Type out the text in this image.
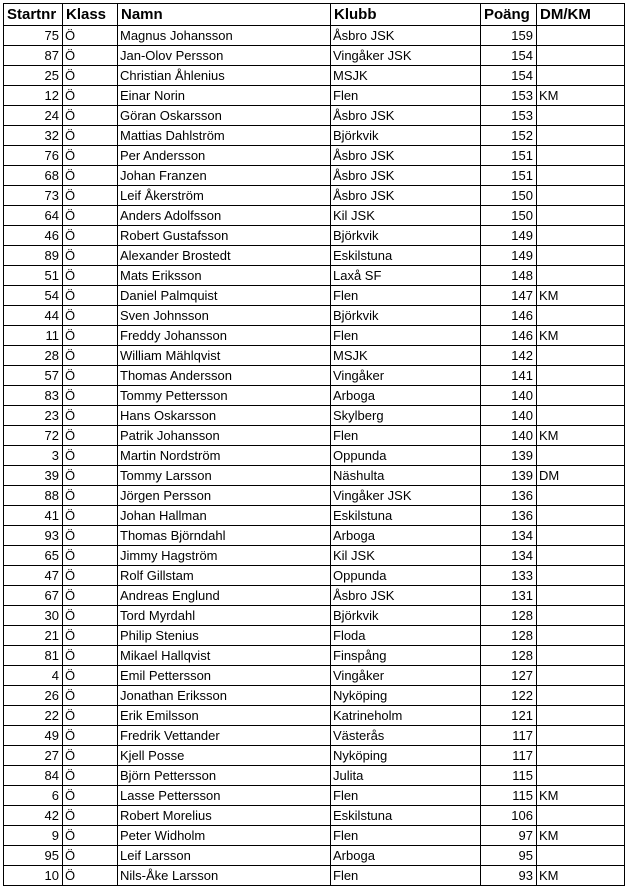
Startnr	Klass	Namn	Klubb	Poäng	DM/KM
75	Ö	Magnus Johansson	Åsbro JSK	159	
87	Ö	Jan-Olov Persson	Vingåker JSK	154	
25	Ö	Christian Åhlenius	MSJK	154	
12	Ö	Einar Norin	Flen	153	KM
24	Ö	Göran Oskarsson	Åsbro JSK	153	
32	Ö	Mattias Dahlström	Björkvik	152	
76	Ö	Per Andersson	Åsbro JSK	151	
68	Ö	Johan Franzen	Åsbro JSK	151	
73	Ö	Leif Åkerström	Åsbro JSK	150	
64	Ö	Anders Adolfsson	Kil JSK	150	
46	Ö	Robert Gustafsson	Björkvik	149	
89	Ö	Alexander Brostedt	Eskilstuna	149	
51	Ö	Mats Eriksson	Laxå SF	148	
54	Ö	Daniel Palmquist	Flen	147	KM
44	Ö	Sven Johnsson	Björkvik	146	
11	Ö	Freddy Johansson	Flen	146	KM
28	Ö	William Mählqvist	MSJK	142	
57	Ö	Thomas Andersson	Vingåker	141	
83	Ö	Tommy Pettersson	Arboga	140	
23	Ö	Hans Oskarsson	Skylberg	140	
72	Ö	Patrik Johansson	Flen	140	KM
3	Ö	Martin Nordström	Oppunda	139	
39	Ö	Tommy Larsson	Näshulta	139	DM
88	Ö	Jörgen Persson	Vingåker JSK	136	
41	Ö	Johan Hallman	Eskilstuna	136	
93	Ö	Thomas Björndahl	Arboga	134	
65	Ö	Jimmy Hagström	Kil JSK	134	
47	Ö	Rolf Gillstam	Oppunda	133	
67	Ö	Andreas Englund	Åsbro JSK	131	
30	Ö	Tord Myrdahl	Björkvik	128	
21	Ö	Philip Stenius	Floda	128	
81	Ö	Mikael Hallqvist	Finspång	128	
4	Ö	Emil Pettersson	Vingåker	127	
26	Ö	Jonathan Eriksson	Nyköping	122	
22	Ö	Erik Emilsson	Katrineholm	121	
49	Ö	Fredrik Vettander	Västerås	117	
27	Ö	Kjell Posse	Nyköping	117	
84	Ö	Björn Pettersson	Julita	115	
6	Ö	Lasse Pettersson	Flen	115	KM
42	Ö	Robert Morelius	Eskilstuna	106	
9	Ö	Peter Widholm	Flen	97	KM
95	Ö	Leif Larsson	Arboga	95	
10	Ö	Nils-Åke Larsson	Flen	93	KM
